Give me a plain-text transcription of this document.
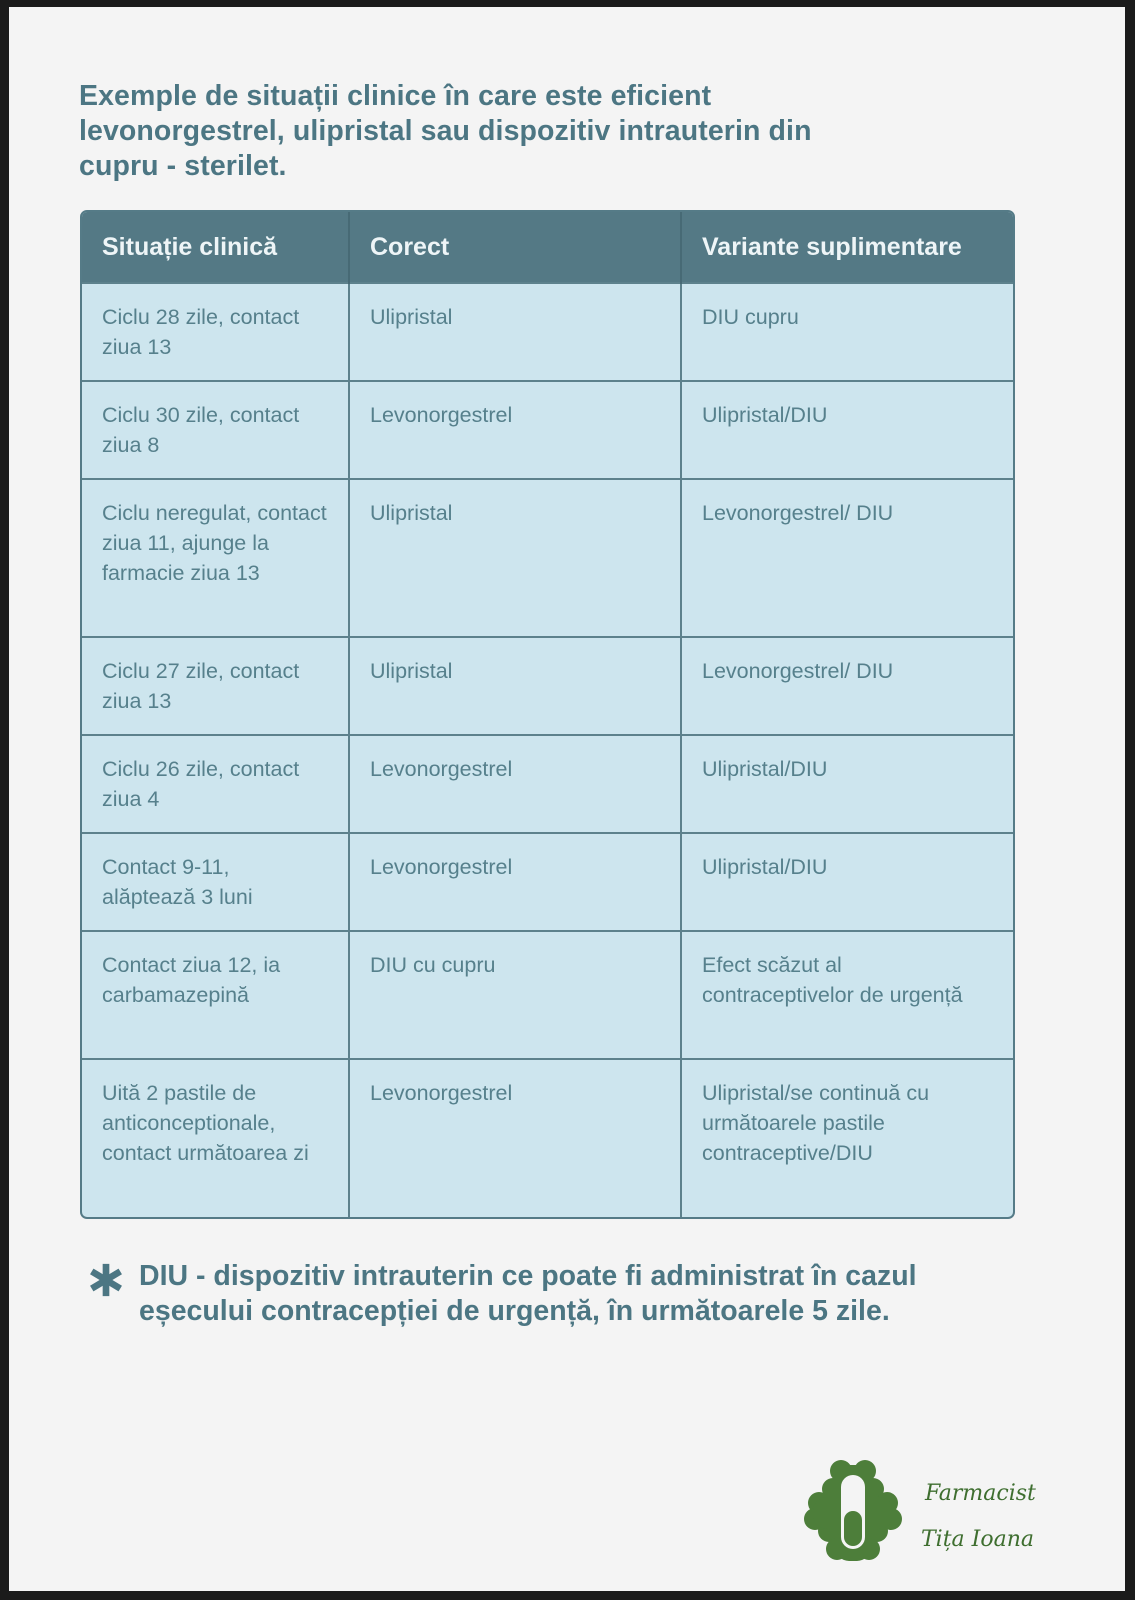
Exemple de situații clinice în care este eficient levonorgestrel, ulipristal sau dispozitiv intrauterin din cupru - sterilet.
Situație clinică	Corect	Variante suplimentare
Ciclu 28 zile, contact ziua 13	Ulipristal	DIU cupru
Ciclu 30 zile, contact ziua 8	Levonorgestrel	Ulipristal/DIU
Ciclu neregulat, contact ziua 11, ajunge la farmacie ziua 13	Ulipristal	Levonorgestrel/ DIU
Ciclu 27 zile, contact ziua 13	Ulipristal	Levonorgestrel/ DIU
Ciclu 26 zile, contact ziua 4	Levonorgestrel	Ulipristal/DIU
Contact 9-11, alăptează 3 luni	Levonorgestrel	Ulipristal/DIU
Contact ziua 12, ia carbamazepină	DIU cu cupru	Efect scăzut al contraceptivelor de urgență
Uită 2 pastile de anticonceptionale, contact următoarea zi	Levonorgestrel	Ulipristal/se continuă cu următoarele pastile contraceptive/DIU

DIU - dispozitiv intrauterin ce poate fi administrat în cazul eșecului contracepției de urgență, în următoarele 5 zile.

Farmacist
Tița Ioana
